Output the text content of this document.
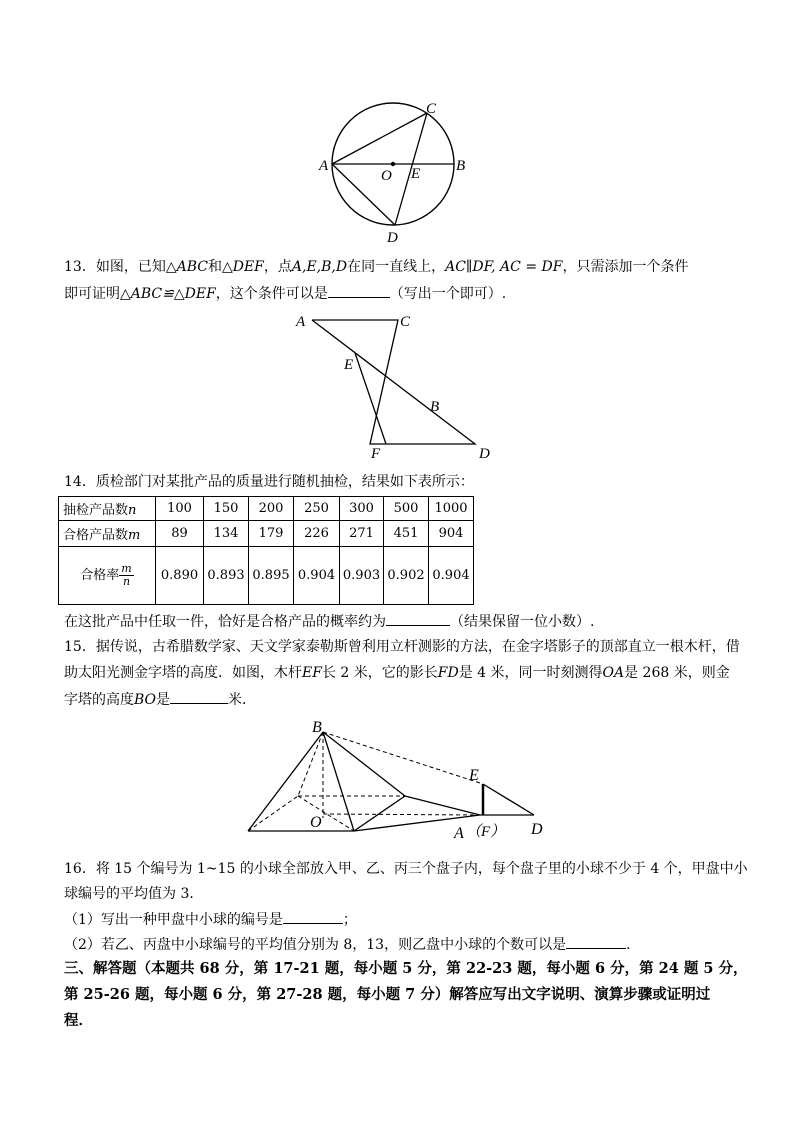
A	B
C
D
O E
13．如图，已知△ABC和△DEF，点A,E,B,D在同一直线上，AC∥DF, AC = DF，只需添加一个条件
即可证明△ABC≌△DEF，这个条件可以是	（写出一个即可）.
A	C
E
B
F	D
14．质检部门对某批产品的质量进行随机抽检，结果如下表所示：
抽检产品数n	100	150	200	250	300	500	1000
合格产品数m	89	134	179	226	271	451	904
合格率 $\frac{m}{n}$	0.890	0.893	0.895	0.904	0.903	0.902	0.904
在这批产品中任取一件，恰好是合格产品的概率约为	（结果保留一位小数）.
15．据传说，古希腊数学家、天文学家泰勒斯曾利用立杆测影的方法，在金字塔影子的顶部直立一根木杆，借
助太阳光测金字塔的高度．如图，木杆EF长 2 米，它的影长FD是 4 米，同一时刻测得OA是 268 米，则金
字塔的高度BO是	米．
B
O
E
A （F） D
16．将 15 个编号为 1~15 的小球全部放入甲、乙、丙三个盘子内，每个盘子里的小球不少于 4 个，甲盘中小
球编号的平均值为 3．
（1）写出一种甲盘中小球的编号是	；
（2）若乙、丙盘中小球编号的平均值分别为 8，13，则乙盘中小球的个数可以是	．
三、解答题（本题共 68 分，第 17-21 题，每小题 5 分，第 22-23 题，每小题 6 分，第 24 题 5 分，
第 25-26 题，每小题 6 分，第 27-28 题，每小题 7 分）解答应写出文字说明、演算步骤或证明过
程．
